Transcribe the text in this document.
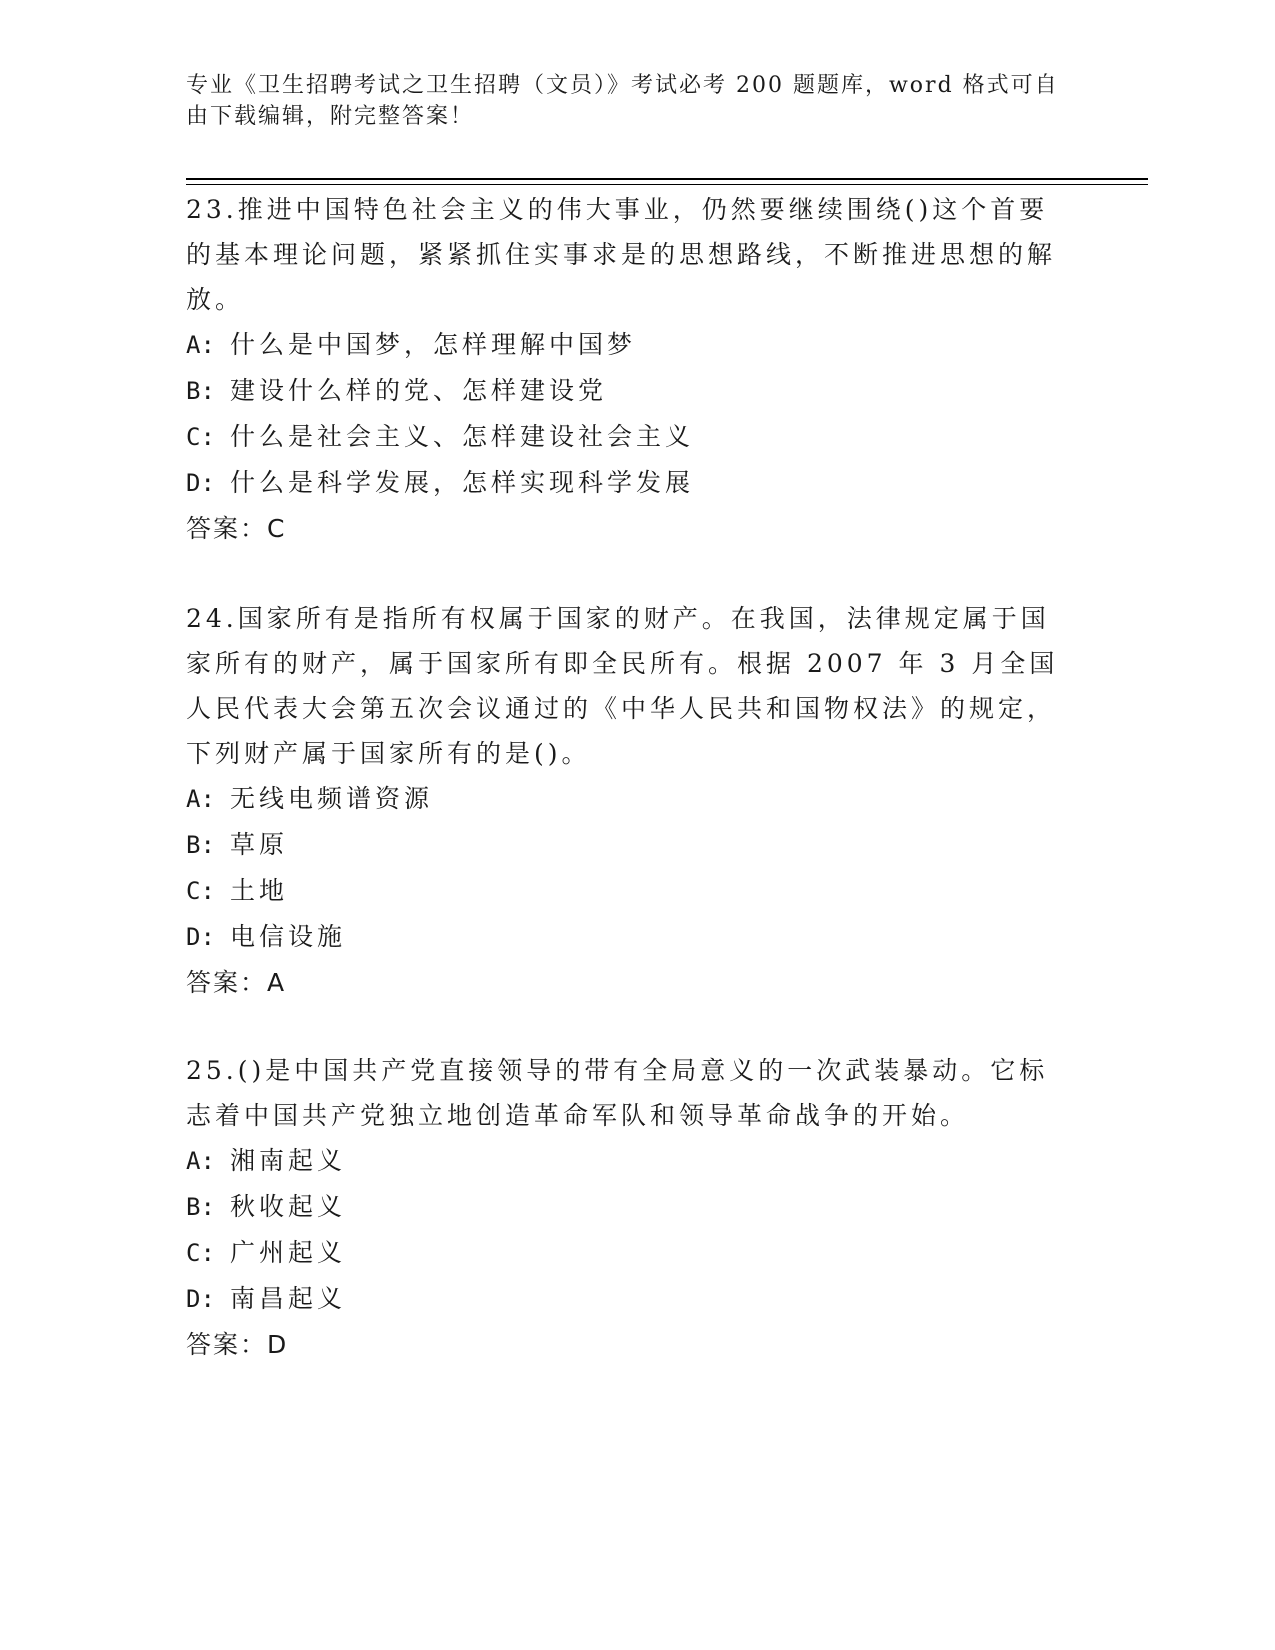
专业《卫生招聘考试之卫生招聘（文员）》考试必考 200 题题库，word 格式可自由下载编辑，附完整答案！

23.推进中国特色社会主义的伟大事业，仍然要继续围绕()这个首要的基本理论问题，紧紧抓住实事求是的思想路线，不断推进思想的解放。

A: 什么是中国梦，怎样理解中国梦

B: 建设什么样的党、怎样建设党

C: 什么是社会主义、怎样建设社会主义

D: 什么是科学发展，怎样实现科学发展

答案：C

24.国家所有是指所有权属于国家的财产。在我国，法律规定属于国家所有的财产，属于国家所有即全民所有。根据 2007 年 3 月全国人民代表大会第五次会议通过的《中华人民共和国物权法》的规定，下列财产属于国家所有的是()。

A: 无线电频谱资源

B: 草原

C: 土地

D: 电信设施

答案：A

25.()是中国共产党直接领导的带有全局意义的一次武装暴动。它标志着中国共产党独立地创造革命军队和领导革命战争的开始。

A: 湘南起义

B: 秋收起义

C: 广州起义

D: 南昌起义

答案：D
